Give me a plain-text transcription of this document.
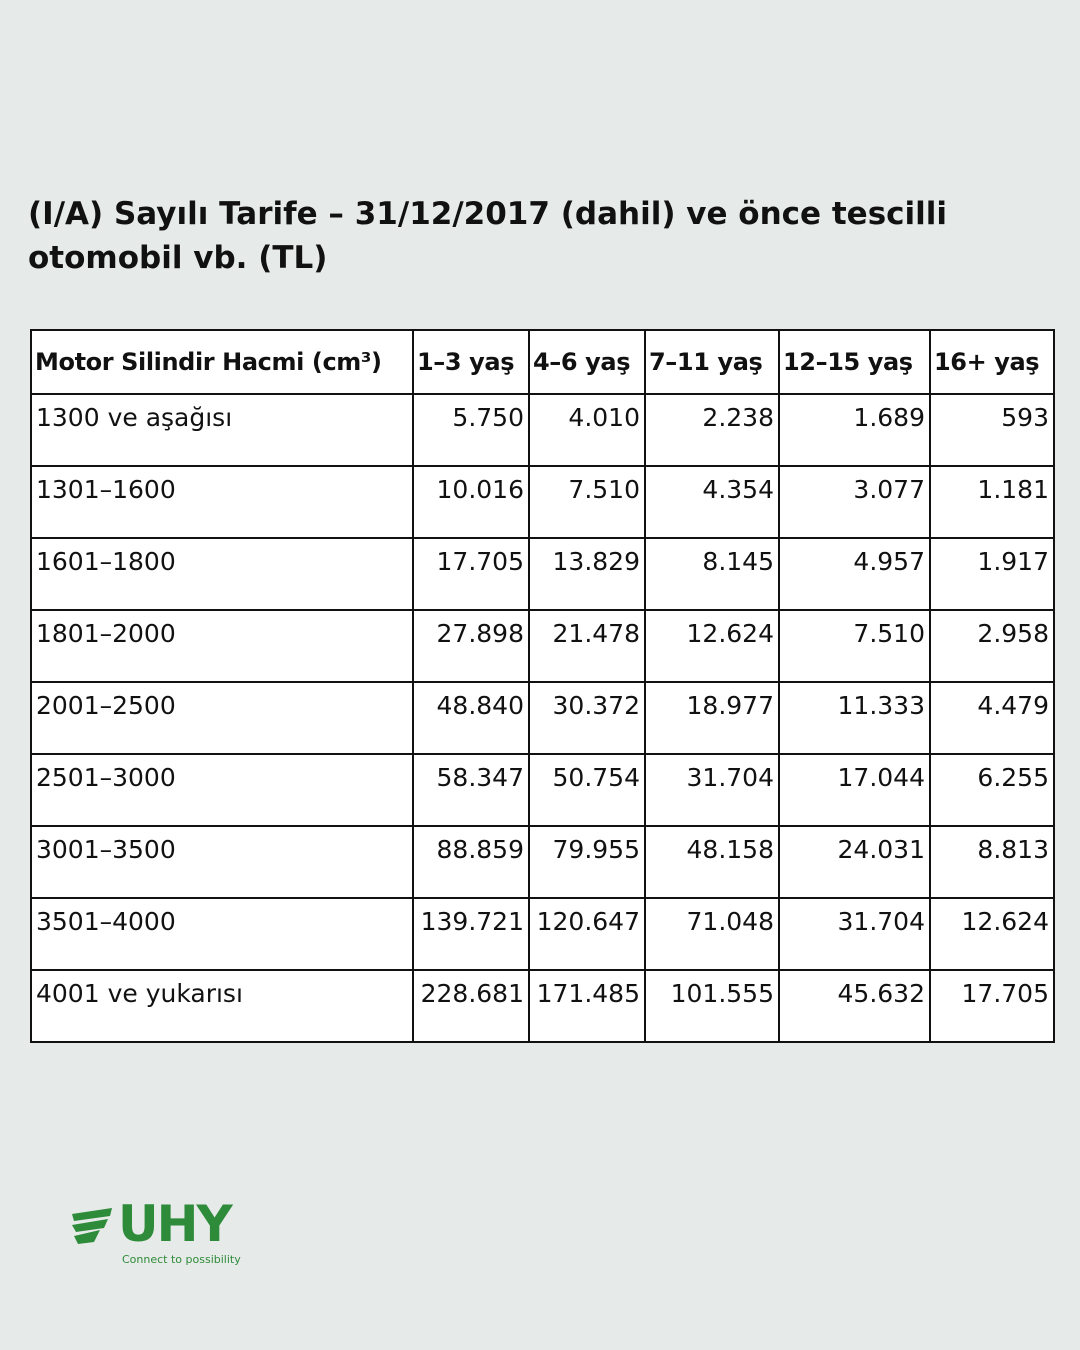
(I/A) Sayılı Tarife – 31/12/2017 (dahil) ve önce tescilli otomobil vb. (TL)
Motor Silindir Hacmi (cm³)	1–3 yaş	4–6 yaş	7–11 yaş	12–15 yaş	16+ yaş
1300 ve aşağısı	5.750	4.010	2.238	1.689	593
1301–1600	10.016	7.510	4.354	3.077	1.181
1601–1800	17.705	13.829	8.145	4.957	1.917
1801–2000	27.898	21.478	12.624	7.510	2.958
2001–2500	48.840	30.372	18.977	11.333	4.479
2501–3000	58.347	50.754	31.704	17.044	6.255
3001–3500	88.859	79.955	48.158	24.031	8.813
3501–4000	139.721	120.647	71.048	31.704	12.624
4001 ve yukarısı	228.681	171.485	101.555	45.632	17.705
UHY
Connect to possibility
